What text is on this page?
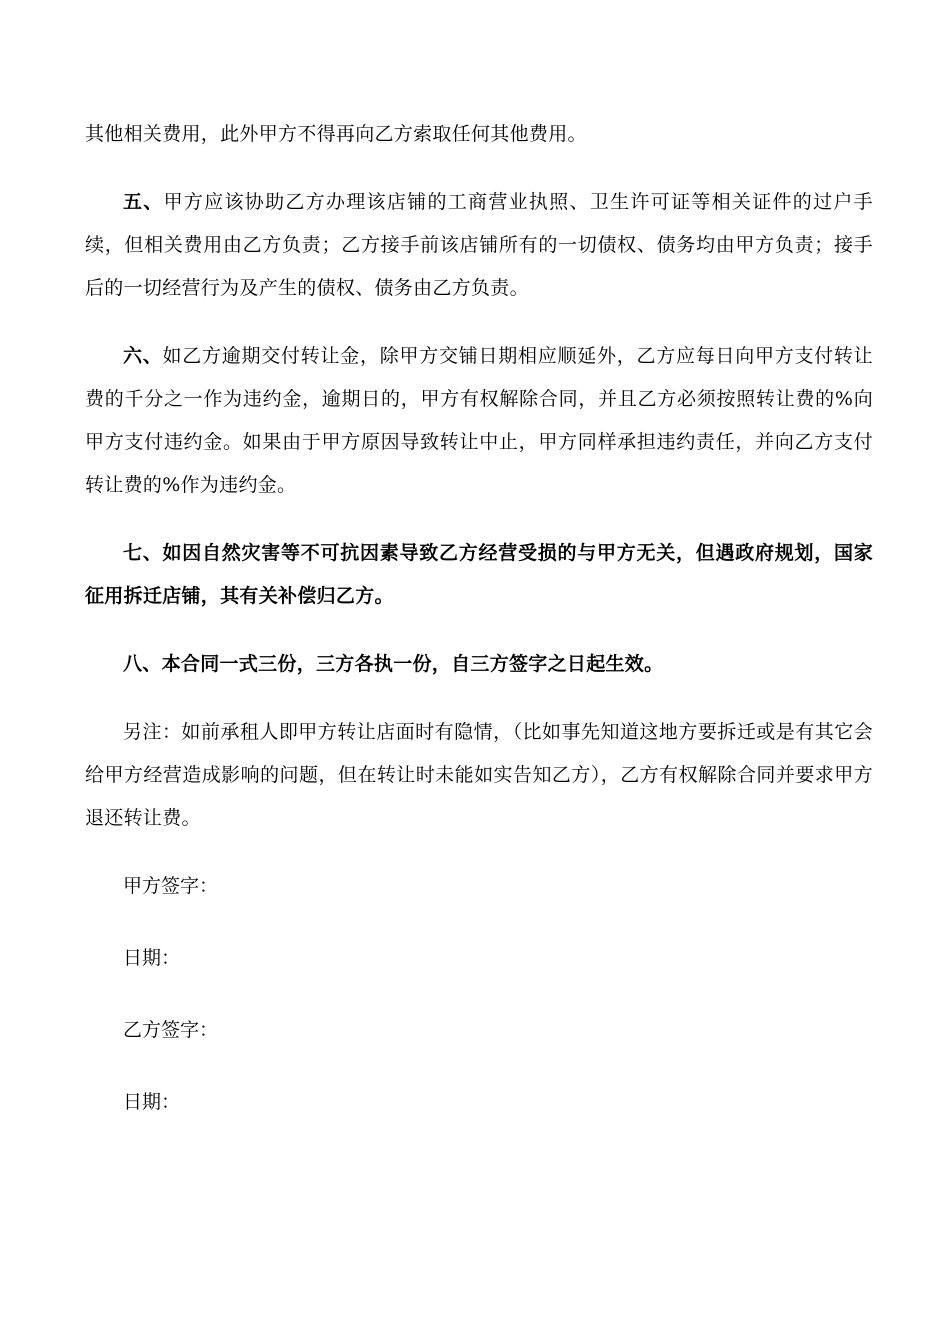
其他相关费用，此外甲方不得再向乙方索取任何其他费用。

五、甲方应该协助乙方办理该店铺的工商营业执照、卫生许可证等相关证件的过户手续，但相关费用由乙方负责；乙方接手前该店铺所有的一切债权、债务均由甲方负责；接手后的一切经营行为及产生的债权、债务由乙方负责。

六、如乙方逾期交付转让金，除甲方交铺日期相应顺延外，乙方应每日向甲方支付转让费的千分之一作为违约金，逾期日的，甲方有权解除合同，并且乙方必须按照转让费的%向甲方支付违约金。如果由于甲方原因导致转让中止，甲方同样承担违约责任，并向乙方支付转让费的%作为违约金。

七、如因自然灾害等不可抗因素导致乙方经营受损的与甲方无关，但遇政府规划，国家征用拆迁店铺，其有关补偿归乙方。

八、本合同一式三份，三方各执一份，自三方签字之日起生效。

另注：如前承租人即甲方转让店面时有隐情，（比如事先知道这地方要拆迁或是有其它会给甲方经营造成影响的问题，但在转让时未能如实告知乙方），乙方有权解除合同并要求甲方退还转让费。

甲方签字：

日期：

乙方签字：

日期：
